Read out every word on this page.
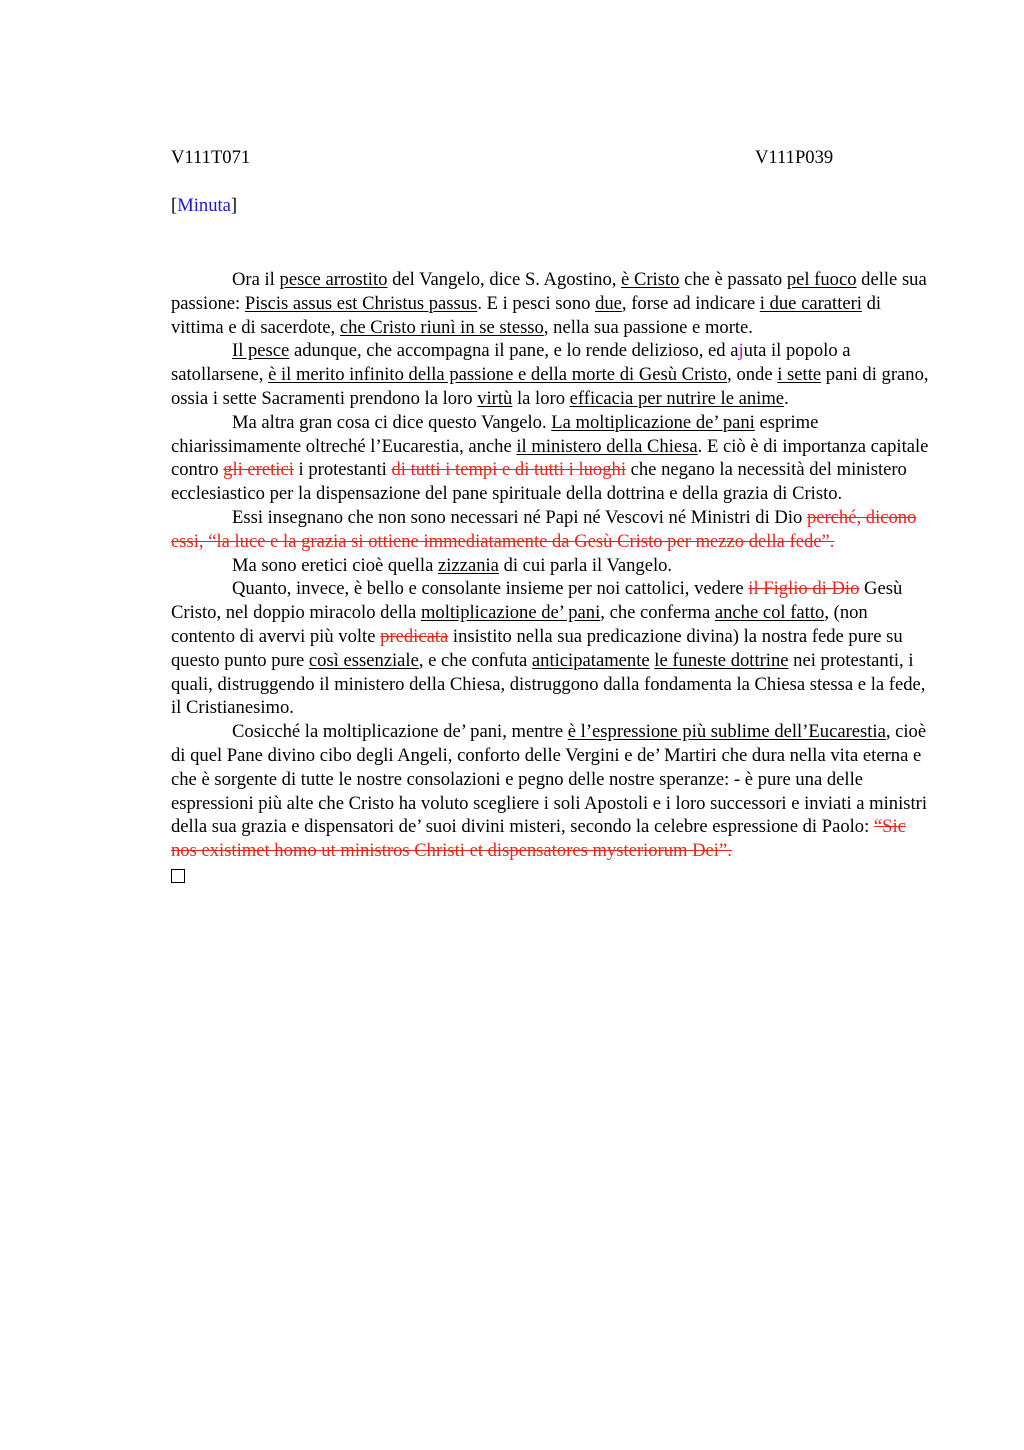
V111T071	V111P039
[Minuta]

Ora il pesce arrostito del Vangelo, dice S. Agostino, è Cristo che è passato pel fuoco delle sua passione: Piscis assus est Christus passus. E i pesci sono due, forse ad indicare i due caratteri di vittima e di sacerdote, che Cristo riunì in se stesso, nella sua passione e morte.

Il pesce adunque, che accompagna il pane, e lo rende delizioso, ed ajuta il popolo a satollarsene, è il merito infinito della passione e della morte di Gesù Cristo, onde i sette pani di grano, ossia i sette Sacramenti prendono la loro virtù la loro efficacia per nutrire le anime.

Ma altra gran cosa ci dice questo Vangelo. La moltiplicazione de’ pani esprime chiarissimamente oltreché l’Eucarestia, anche il ministero della Chiesa. E ciò è di importanza capitale contro gli eretici i protestanti di tutti i tempi e di tutti i luoghi che negano la necessità del ministero ecclesiastico per la dispensazione del pane spirituale della dottrina e della grazia di Cristo.

Essi insegnano che non sono necessari né Papi né Vescovi né Ministri di Dio perché, dicono essi, “la luce e la grazia si ottiene immediatamente da Gesù Cristo per mezzo della fede”.

Ma sono eretici cioè quella zizzania di cui parla il Vangelo.

Quanto, invece, è bello e consolante insieme per noi cattolici, vedere il Figlio di Dio Gesù Cristo, nel doppio miracolo della moltiplicazione de’ pani, che conferma anche col fatto, (non contento di avervi più volte predicata insistito nella sua predicazione divina) la nostra fede pure su questo punto pure così essenziale, e che confuta anticipatamente le funeste dottrine nei protestanti, i quali, distruggendo il ministero della Chiesa, distruggono dalla fondamenta la Chiesa stessa e la fede, il Cristianesimo.

Cosicché la moltiplicazione de’ pani, mentre è l’espressione più sublime dell’Eucarestia, cioè di quel Pane divino cibo degli Angeli, conforto delle Vergini e de’ Martiri che dura nella vita eterna e che è sorgente di tutte le nostre consolazioni e pegno delle nostre speranze: - è pure una delle espressioni più alte che Cristo ha voluto scegliere i soli Apostoli e i loro successori e inviati a ministri della sua grazia e dispensatori de’ suoi divini misteri, secondo la celebre espressione di Paolo: “Sic nos existimet homo ut ministros Christi et dispensatores mysteriorum Dei”.
